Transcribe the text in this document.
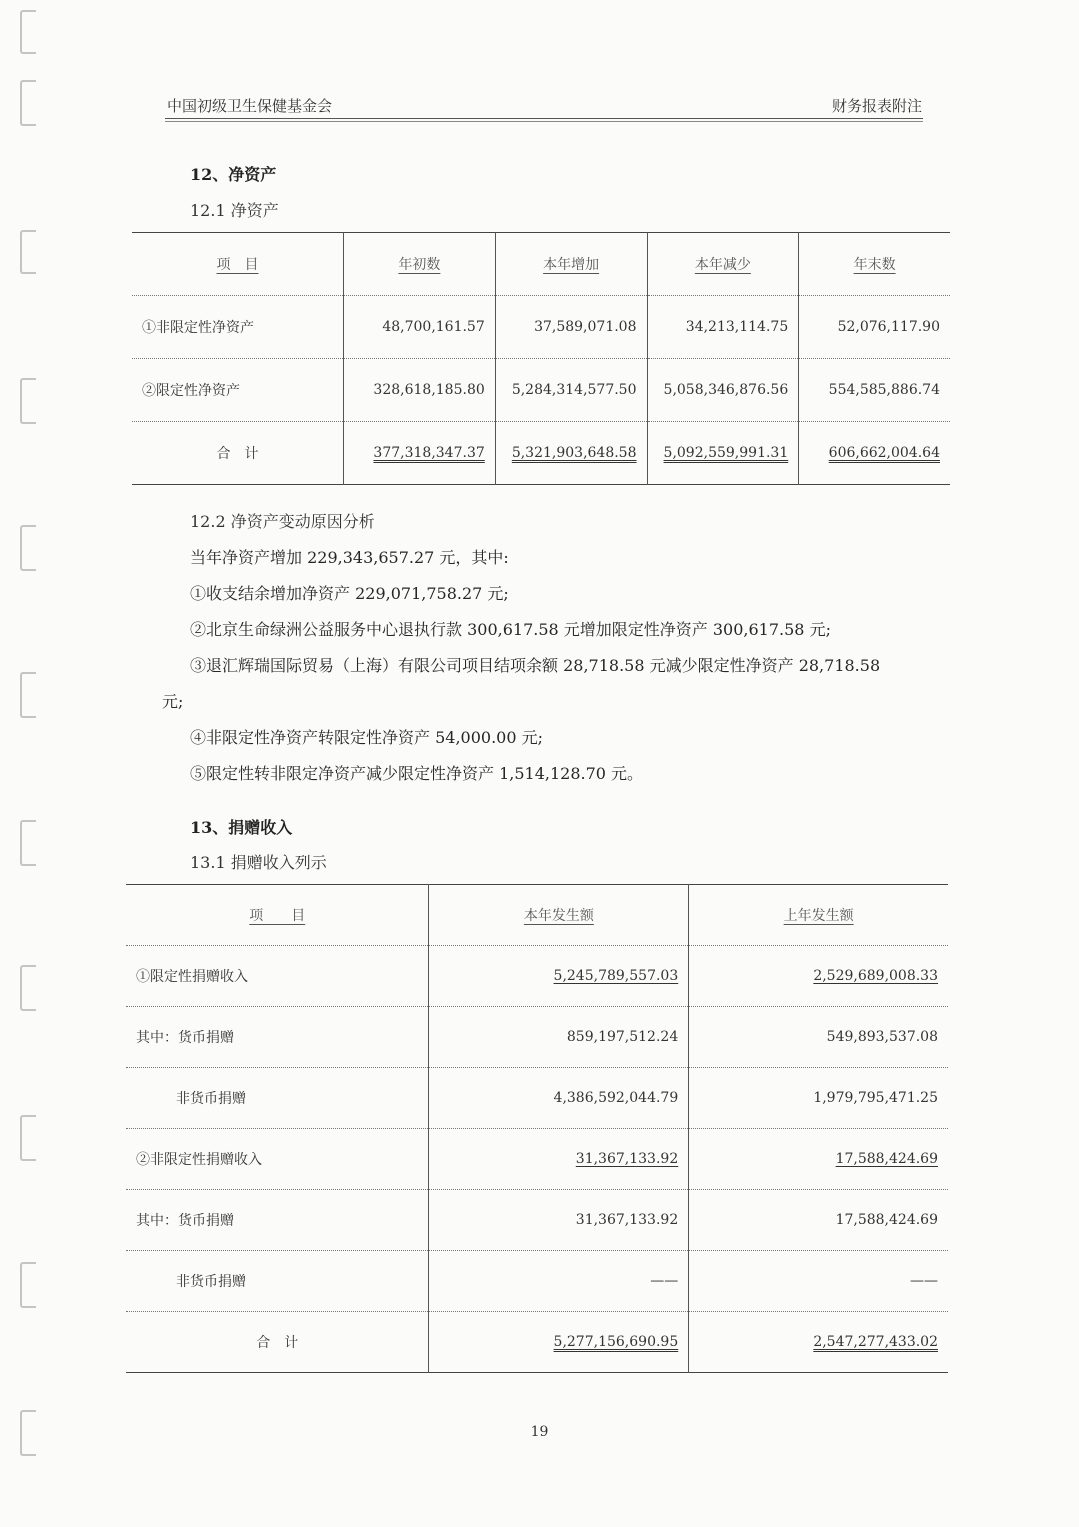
中国初级卫生保健基金会	财务报表附注
12、净资产
12.1 净资产
项　目	年初数	本年增加	本年减少	年末数
①非限定性净资产	48,700,161.57	37,589,071.08	34,213,114.75	52,076,117.90
②限定性净资产	328,618,185.80	5,284,314,577.50	5,058,346,876.56	554,585,886.74
合　计	377,318,347.37	5,321,903,648.58	5,092,559,991.31	606,662,004.64
12.2 净资产变动原因分析
当年净资产增加 229,343,657.27 元，其中:
①收支结余增加净资产 229,071,758.27 元;
②北京生命绿洲公益服务中心退执行款 300,617.58 元增加限定性净资产 300,617.58 元;
③退汇辉瑞国际贸易（上海）有限公司项目结项余额 28,718.58 元减少限定性净资产 28,718.58
元;
④非限定性净资产转限定性净资产 54,000.00 元;
⑤限定性转非限定净资产减少限定性净资产 1,514,128.70 元。
13、捐赠收入
13.1 捐赠收入列示
项　　目	本年发生额	上年发生额
①限定性捐赠收入	5,245,789,557.03	2,529,689,008.33
其中：货币捐赠	859,197,512.24	549,893,537.08
非货币捐赠	4,386,592,044.79	1,979,795,471.25
②非限定性捐赠收入	31,367,133.92	17,588,424.69
其中：货币捐赠	31,367,133.92	17,588,424.69
非货币捐赠	——	——
合　计	5,277,156,690.95	2,547,277,433.02
19
